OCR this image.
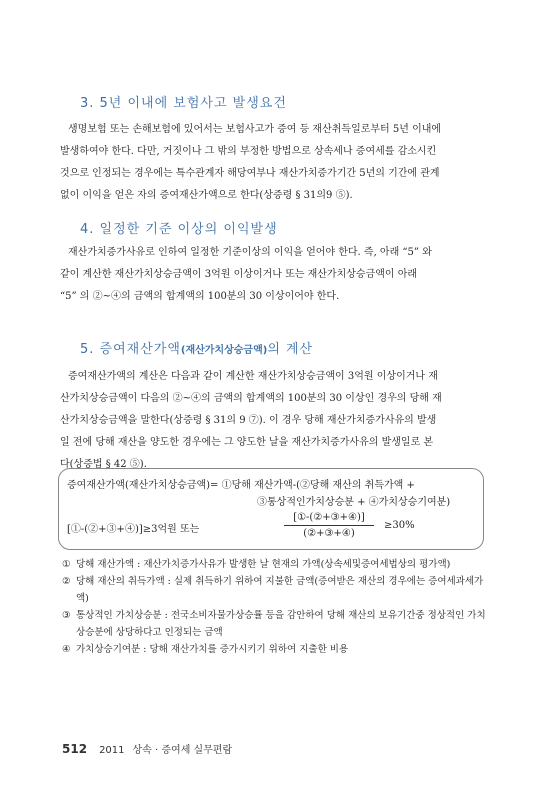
3. 5년 이내에 보험사고 발생요건

생명보험 또는 손해보험에 있어서는 보험사고가 증여 등 재산취득일로부터 5년 이내에

발생하여야 한다. 다만, 거짓이나 그 밖의 부정한 방법으로 상속세나 증여세를 감소시킨

것으로 인정되는 경우에는 특수관계자 해당여부나 재산가치증가기간 5년의 기간에 관계

없이 이익을 얻은 자의 증여재산가액으로 한다(상증령 § 31의9 ⑤).

4. 일정한 기준 이상의 이익발생

재산가치증가사유로 인하여 일정한 기준이상의 이익을 얻어야 한다. 즉, 아래 “5” 와

같이 계산한 재산가치상승금액이 3억원 이상이거나 또는 재산가치상승금액이 아래

“5” 의 ②~④의 금액의 합계액의 100분의 30 이상이어야 한다.

5. 증여재산가액(재산가치상승금액)의 계산

증여재산가액의 계산은 다음과 같이 계산한 재산가치상승금액이 3억원 이상이거나 재

산가치상승금액이 다음의 ②~④의 금액의 합계액의 100분의 30 이상인 경우의 당해 재

산가치상승금액을 말한다(상증령 § 31의 9 ⑦). 이 경우 당해 재산가치증가사유의 발생

일 전에 당해 재산을 양도한 경우에는 그 양도한 날을 재산가치증가사유의 발생일로 본

다(상증법 § 42 ⑤).

증여재산가액(재산가치상승금액)= ①당해 재산가액-(②당해 재산의 취득가액 +
③통상적인가치상승분 + ④가치상승기여분)
[①-(②+③+④)]≥3억원 또는
[①-(②+③+④)]
(②+③+④)
≥30%
① 당해 재산가액 : 재산가치증가사유가 발생한 날 현재의 가액(상속세및증여세법상의 평가액)
② 당해 재산의 취득가액 : 실제 취득하기 위하여 지불한 금액(증여받은 재산의 경우에는 증여세과세가액)
③ 통상적인 가치상승분 : 전국소비자물가상승률 등을 감안하여 당해 재산의 보유기간중 정상적인 가치상승분에 상당하다고 인정되는 금액
④ 가치상승기여분 : 당해 재산가치를 증가시키기 위하여 지출한 비용
512 2011 상속 · 증여세 실무편람
